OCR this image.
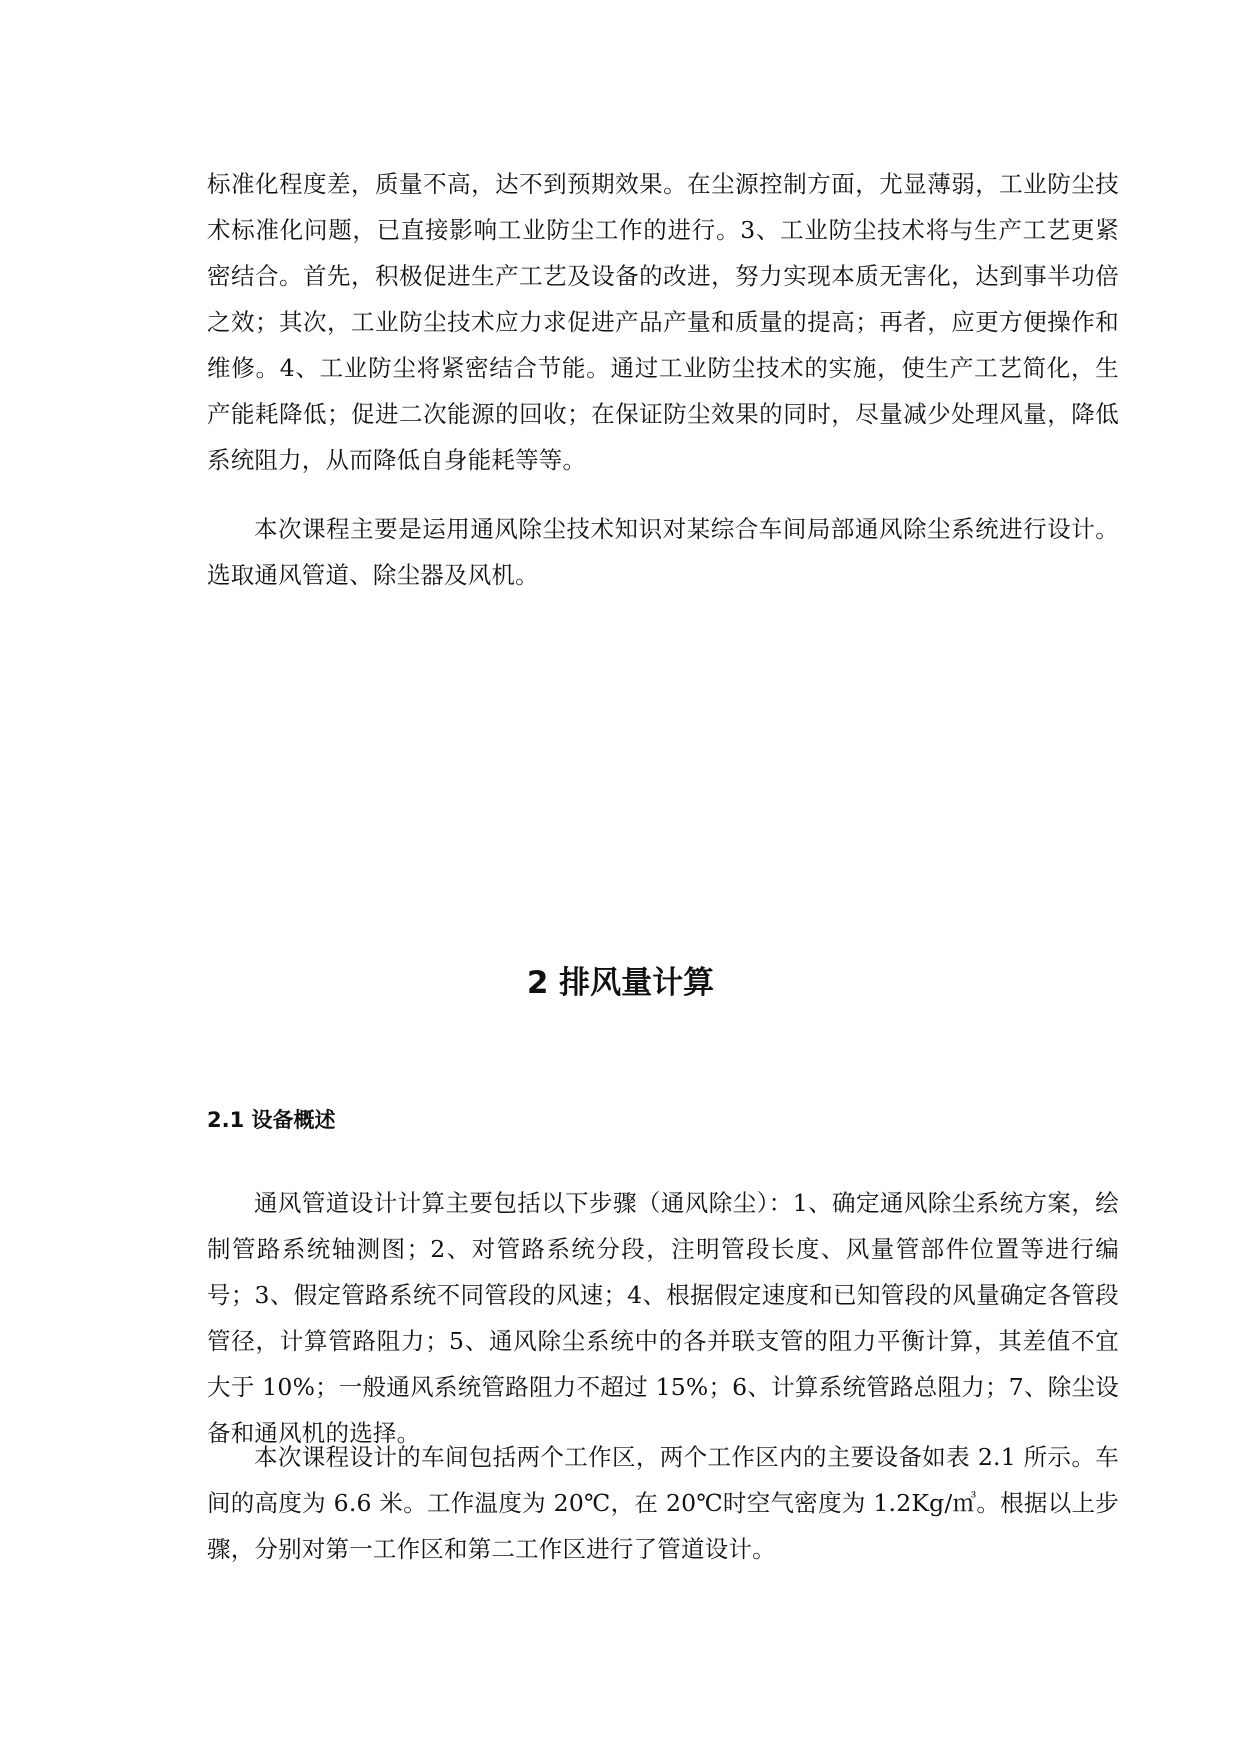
标准化程度差，质量不高，达不到预期效果。在尘源控制方面，尤显薄弱，工业防尘技术标准化问题，已直接影响工业防尘工作的进行。3、工业防尘技术将与生产工艺更紧密结合。首先，积极促进生产工艺及设备的改进，努力实现本质无害化，达到事半功倍之效；其次，工业防尘技术应力求促进产品产量和质量的提高；再者，应更方便操作和维修。4、工业防尘将紧密结合节能。通过工业防尘技术的实施，使生产工艺简化，生产能耗降低；促进二次能源的回收；在保证防尘效果的同时，尽量减少处理风量，降低系统阻力，从而降低自身能耗等等。

本次课程主要是运用通风除尘技术知识对某综合车间局部通风除尘系统进行设计。选取通风管道、除尘器及风机。

2 排风量计算
2.1 设备概述

通风管道设计计算主要包括以下步骤（通风除尘）：1、确定通风除尘系统方案，绘制管路系统轴测图；2、对管路系统分段，注明管段长度、风量管部件位置等进行编号；3、假定管路系统不同管段的风速；4、根据假定速度和已知管段的风量确定各管段管径，计算管路阻力；5、通风除尘系统中的各并联支管的阻力平衡计算，其差值不宜大于 10%；一般通风系统管路阻力不超过 15%；6、计算系统管路总阻力；7、除尘设备和通风机的选择。

本次课程设计的车间包括两个工作区，两个工作区内的主要设备如表 2.1 所示。车间的高度为 6.6 米。工作温度为 20℃，在 20℃时空气密度为 1.2Kg/㎥。根据以上步骤，分别对第一工作区和第二工作区进行了管道设计。
